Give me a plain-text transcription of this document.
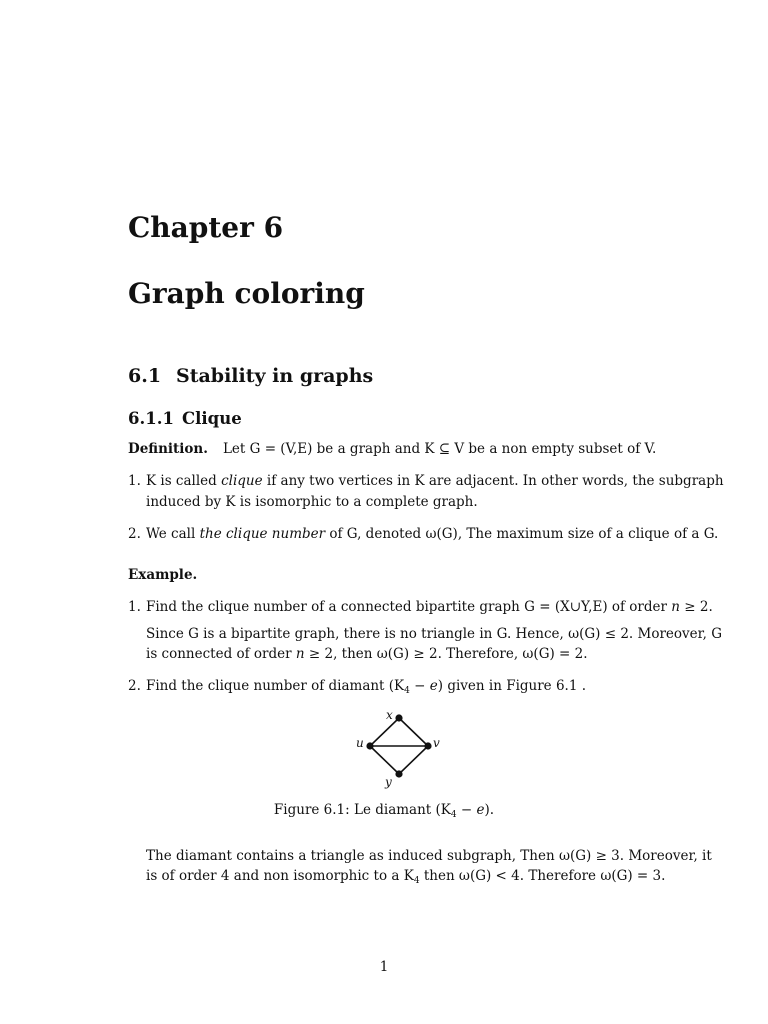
Chapter 6
Graph coloring
6.1 Stability in graphs
6.1.1 Clique
Definition. Let G = (V,E) be a graph and K ⊆ V be a non empty subset of V.
1. K is called clique if any two vertices in K are adjacent. In other words, the subgraph
induced by K is isomorphic to a complete graph.
2. We call the clique number of G, denoted ω(G), The maximum size of a clique of a G.
Example.
1. Find the clique number of a connected bipartite graph G = (X∪Y,E) of order n ≥ 2.
Since G is a bipartite graph, there is no triangle in G. Hence, ω(G) ≤ 2. Moreover, G
is connected of order n ≥ 2, then ω(G) ≥ 2. Therefore, ω(G) = 2.
2. Find the clique number of diamant $(K_4 - e)$ given in Figure 6.1 .
x
u	v
y
Figure 6.1: Le diamant $(K_4 - e)$.
The diamant contains a triangle as induced subgraph, Then ω(G) ≥ 3. Moreover, it
is of order 4 and non isomorphic to a $K_4$ then ω(G) < 4. Therefore ω(G) = 3.
1
